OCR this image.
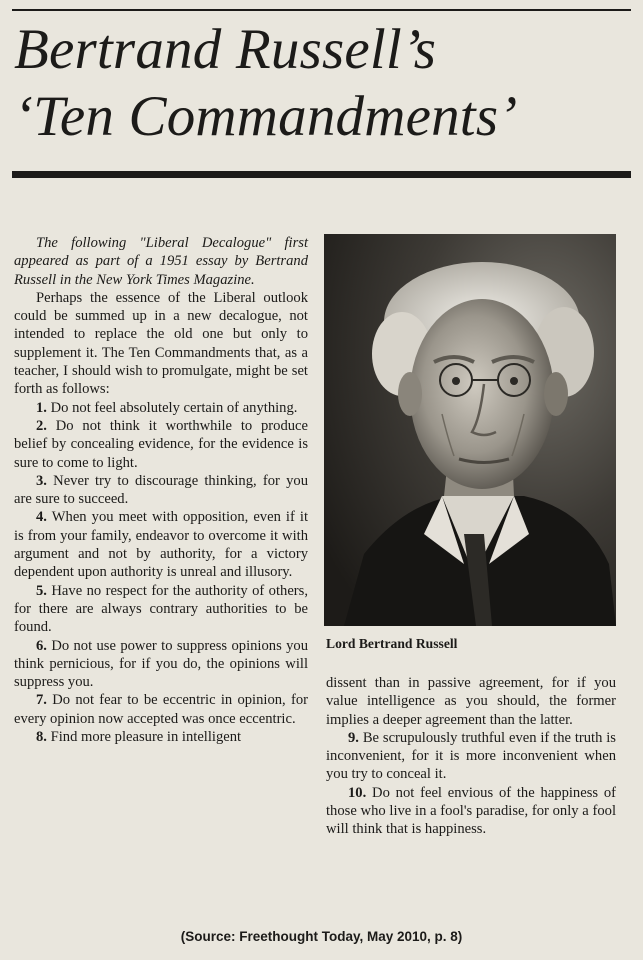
Bertrand Russell’s
‘Ten Commandments’

The following "Liberal Decalogue" first appeared as part of a 1951 essay by Bertrand Russell in the New York Times Magazine.

Perhaps the essence of the Liberal outlook could be summed up in a new decalogue, not intended to replace the old one but only to supplement it. The Ten Commandments that, as a teacher, I should wish to promulgate, might be set forth as follows:

1. Do not feel absolutely certain of anything.

2. Do not think it worthwhile to produce belief by concealing evidence, for the evidence is sure to come to light.

3. Never try to discourage thinking, for you are sure to succeed.

4. When you meet with opposition, even if it is from your family, endeavor to overcome it with argument and not by authority, for a victory dependent upon authority is unreal and illusory.

5. Have no respect for the authority of others, for there are always contrary authorities to be found.

6. Do not use power to suppress opinions you think pernicious, for if you do, the opinions will suppress you.

7. Do not fear to be eccentric in opinion, for every opinion now accepted was once eccentric.

8. Find more pleasure in intelligent

Lord Bertrand Russell

dissent than in passive agreement, for if you value intelligence as you should, the former implies a deeper agreement than the latter.

9. Be scrupulously truthful even if the truth is inconvenient, for it is more inconvenient when you try to conceal it.

10. Do not feel envious of the happiness of those who live in a fool's paradise, for only a fool will think that is happiness.

(Source: Freethought Today, May 2010, p. 8)
